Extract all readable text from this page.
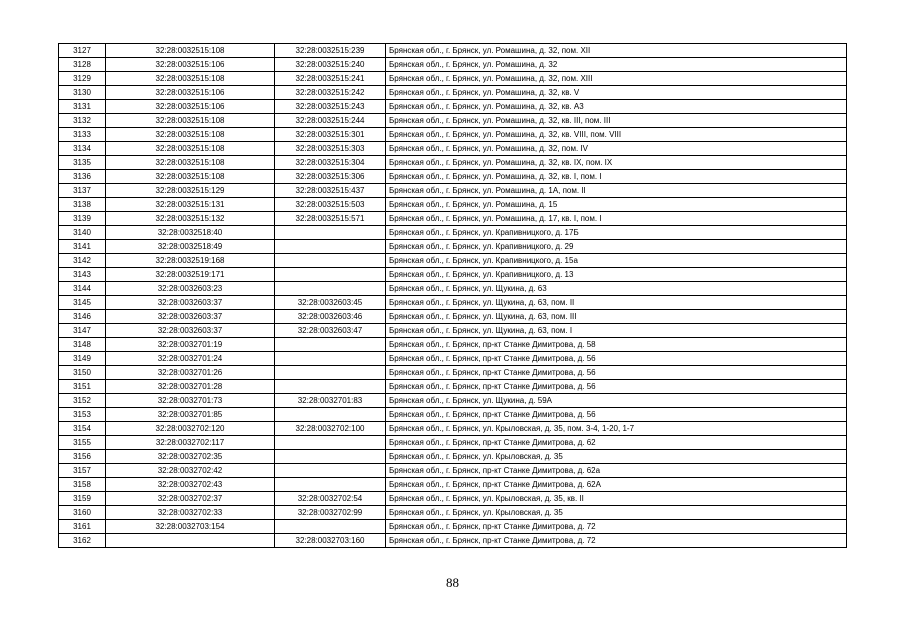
3127	32:28:0032515:108	32:28:0032515:239	Брянская обл., г. Брянск, ул. Ромашина, д. 32, пом. XII
3128	32:28:0032515:106	32:28:0032515:240	Брянская обл., г. Брянск, ул. Ромашина, д. 32
3129	32:28:0032515:108	32:28:0032515:241	Брянская обл., г. Брянск, ул. Ромашина, д. 32, пом. XIII
3130	32:28:0032515:106	32:28:0032515:242	Брянская обл., г. Брянск, ул. Ромашина, д. 32, кв. V
3131	32:28:0032515:106	32:28:0032515:243	Брянская обл., г. Брянск, ул. Ромашина, д. 32, кв. А3
3132	32:28:0032515:108	32:28:0032515:244	Брянская обл., г. Брянск, ул. Ромашина, д. 32, кв. III, пом. III
3133	32:28:0032515:108	32:28:0032515:301	Брянская обл., г. Брянск, ул. Ромашина, д. 32, кв. VIII, пом. VIII
3134	32:28:0032515:108	32:28:0032515:303	Брянская обл., г. Брянск, ул. Ромашина, д. 32, пом. IV
3135	32:28:0032515:108	32:28:0032515:304	Брянская обл., г. Брянск, ул. Ромашина, д. 32, кв. IX, пом. IX
3136	32:28:0032515:108	32:28:0032515:306	Брянская обл., г. Брянск, ул. Ромашина, д. 32, кв. I, пом. I
3137	32:28:0032515:129	32:28:0032515:437	Брянская обл., г. Брянск, ул. Ромашина, д. 1А, пом. II
3138	32:28:0032515:131	32:28:0032515:503	Брянская обл., г. Брянск, ул. Ромашина, д. 15
3139	32:28:0032515:132	32:28:0032515:571	Брянская обл., г. Брянск, ул. Ромашина, д. 17, кв. I, пом. I
3140	32:28:0032518:40		Брянская обл., г. Брянск, ул. Крапивницкого, д. 17Б
3141	32:28:0032518:49		Брянская обл., г. Брянск, ул. Крапивницкого, д. 29
3142	32:28:0032519:168		Брянская обл., г. Брянск, ул. Крапивницкого, д. 15а
3143	32:28:0032519:171		Брянская обл., г. Брянск, ул. Крапивницкого, д. 13
3144	32:28:0032603:23		Брянская обл., г. Брянск, ул. Щукина, д. 63
3145	32:28:0032603:37	32:28:0032603:45	Брянская обл., г. Брянск, ул. Щукина, д. 63, пом. II
3146	32:28:0032603:37	32:28:0032603:46	Брянская обл., г. Брянск, ул. Щукина, д. 63, пом. III
3147	32:28:0032603:37	32:28:0032603:47	Брянская обл., г. Брянск, ул. Щукина, д. 63, пом. I
3148	32:28:0032701:19		Брянская обл., г. Брянск, пр-кт Станке Димитрова, д. 58
3149	32:28:0032701:24		Брянская обл., г. Брянск, пр-кт Станке Димитрова, д. 56
3150	32:28:0032701:26		Брянская обл., г. Брянск, пр-кт Станке Димитрова, д. 56
3151	32:28:0032701:28		Брянская обл., г. Брянск, пр-кт Станке Димитрова, д. 56
3152	32:28:0032701:73	32:28:0032701:83	Брянская обл., г. Брянск, ул. Щукина, д. 59А
3153	32:28:0032701:85		Брянская обл., г. Брянск, пр-кт Станке Димитрова, д. 56
3154	32:28:0032702:120	32:28:0032702:100	Брянская обл., г. Брянск, ул. Крыловская, д. 35, пом. 3-4, 1-20, 1-7
3155	32:28:0032702:117		Брянская обл., г. Брянск, пр-кт Станке Димитрова, д. 62
3156	32:28:0032702:35		Брянская обл., г. Брянск, ул. Крыловская, д. 35
3157	32:28:0032702:42		Брянская обл., г. Брянск, пр-кт Станке Димитрова, д. 62а
3158	32:28:0032702:43		Брянская обл., г. Брянск, пр-кт Станке Димитрова, д. 62А
3159	32:28:0032702:37	32:28:0032702:54	Брянская обл., г. Брянск, ул. Крыловская, д. 35, кв. II
3160	32:28:0032702:33	32:28:0032702:99	Брянская обл., г. Брянск, ул. Крыловская, д. 35
3161	32:28:0032703:154		Брянская обл., г. Брянск, пр-кт Станке Димитрова, д. 72
3162		32:28:0032703:160	Брянская обл., г. Брянск, пр-кт Станке Димитрова, д. 72
88
